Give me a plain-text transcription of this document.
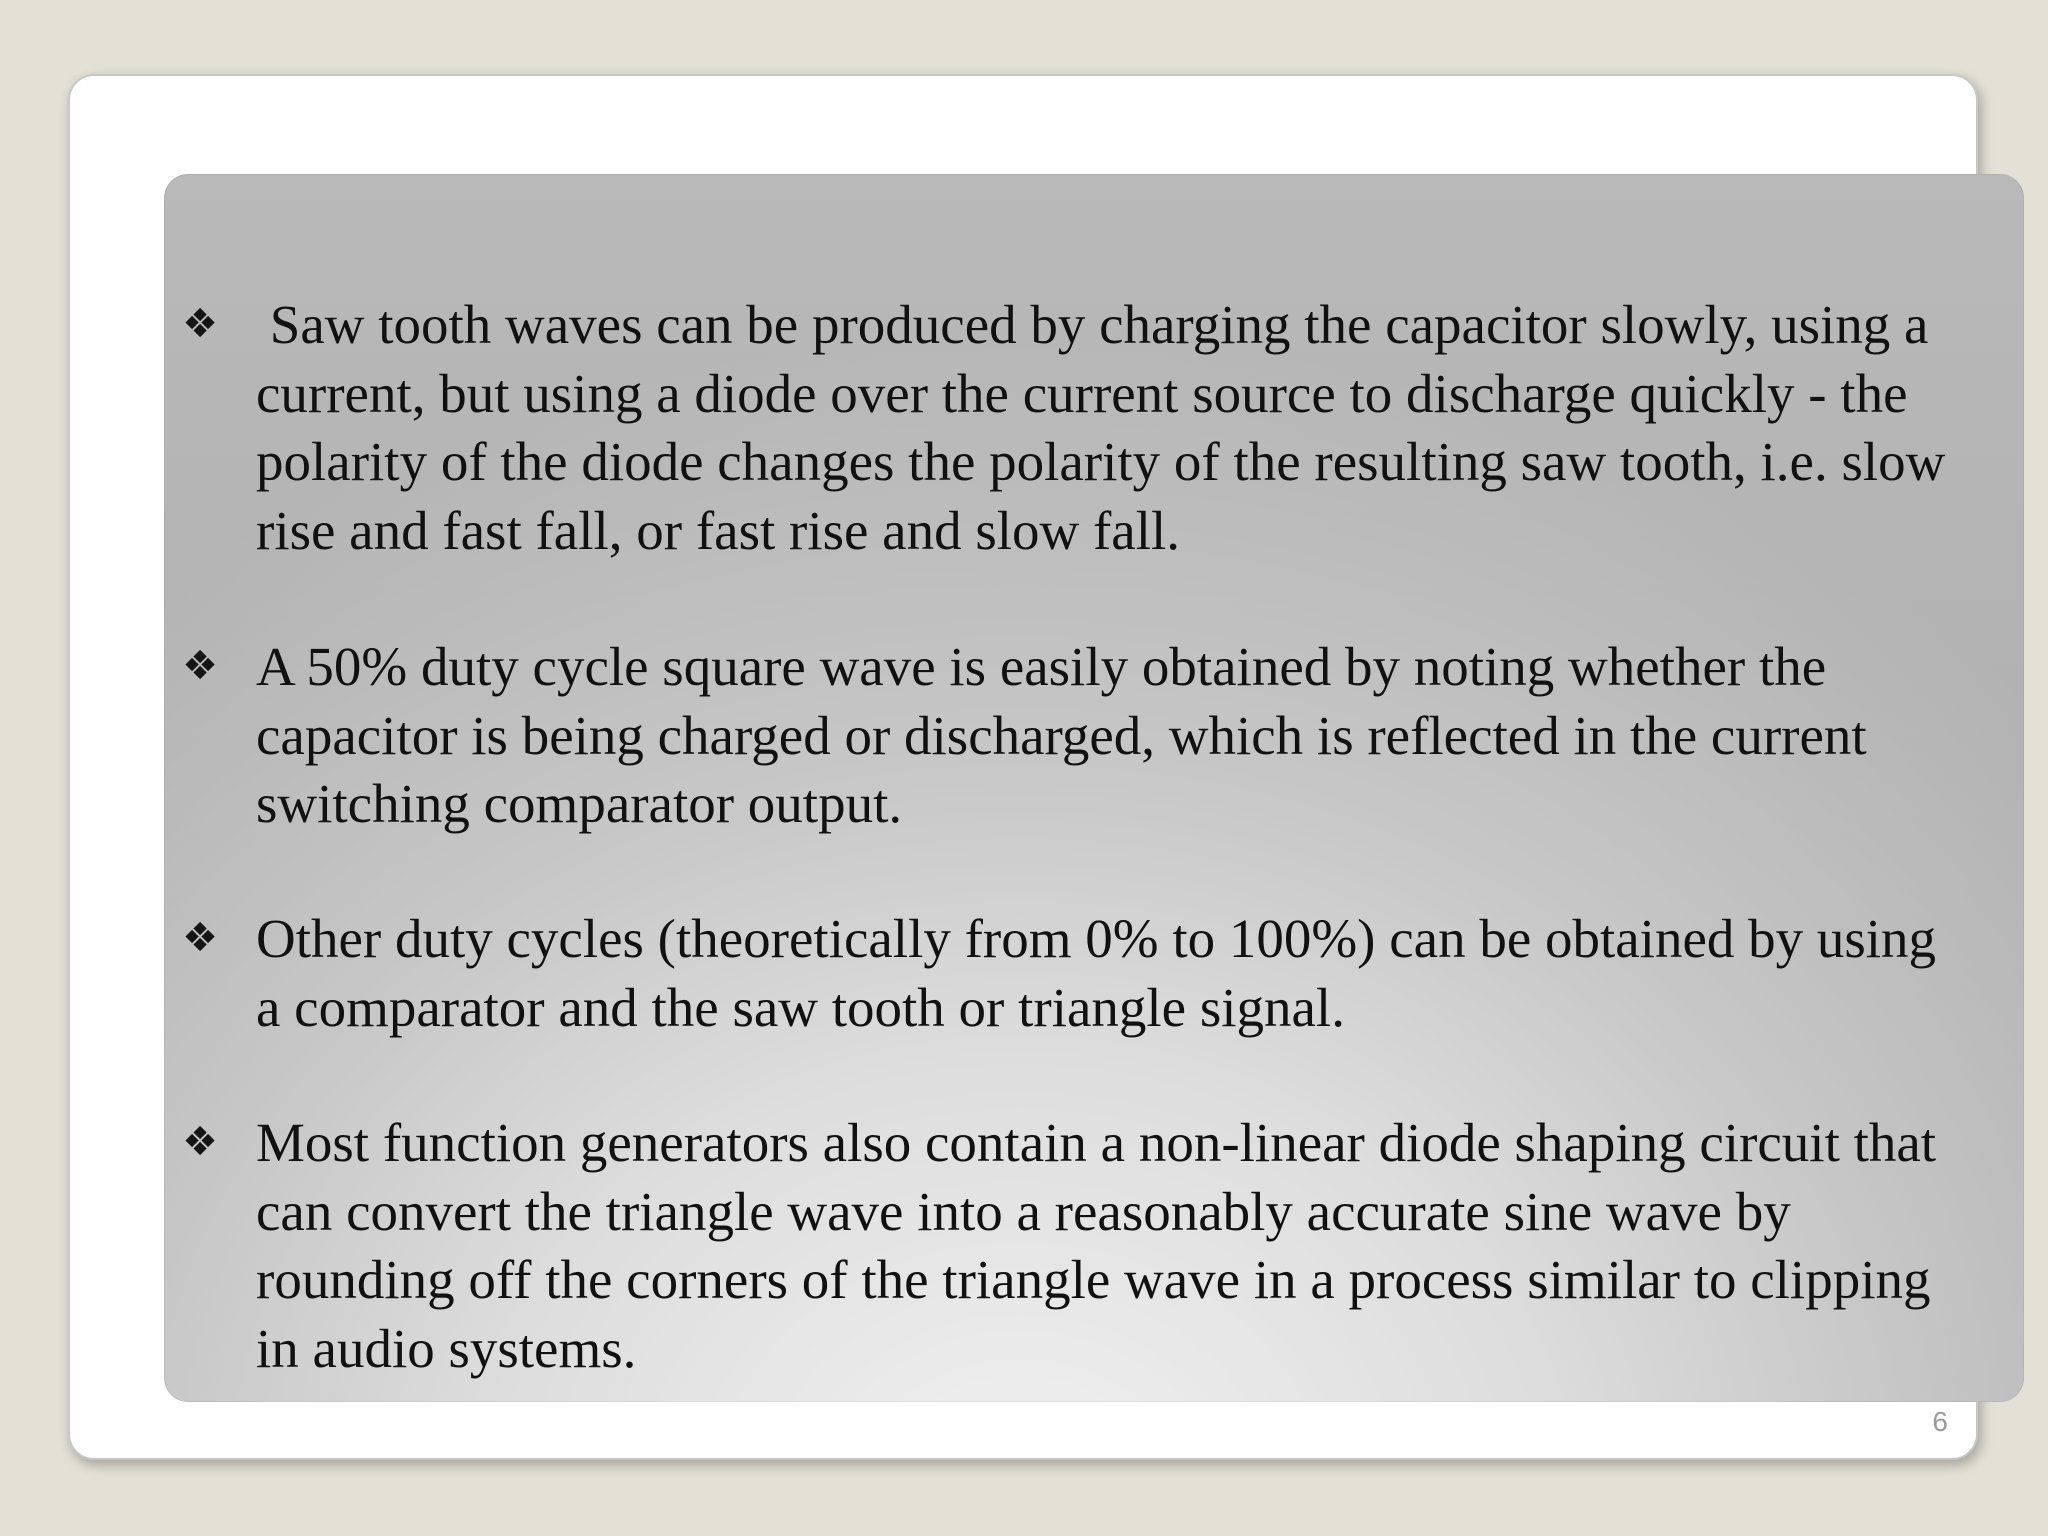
❖ Saw tooth waves can be produced by charging the capacitor slowly, using a current, but using a diode over the current source to discharge quickly - the polarity of the diode changes the polarity of the resulting saw tooth, i.e. slow rise and fast fall, or fast rise and slow fall.
❖ A 50% duty cycle square wave is easily obtained by noting whether the capacitor is being charged or discharged, which is reflected in the current switching comparator output.
❖ Other duty cycles (theoretically from 0% to 100%) can be obtained by using a comparator and the saw tooth or triangle signal.
❖ Most function generators also contain a non-linear diode shaping circuit that can convert the triangle wave into a reasonably accurate sine wave by rounding off the corners of the triangle wave in a process similar to clipping in audio systems.
6
